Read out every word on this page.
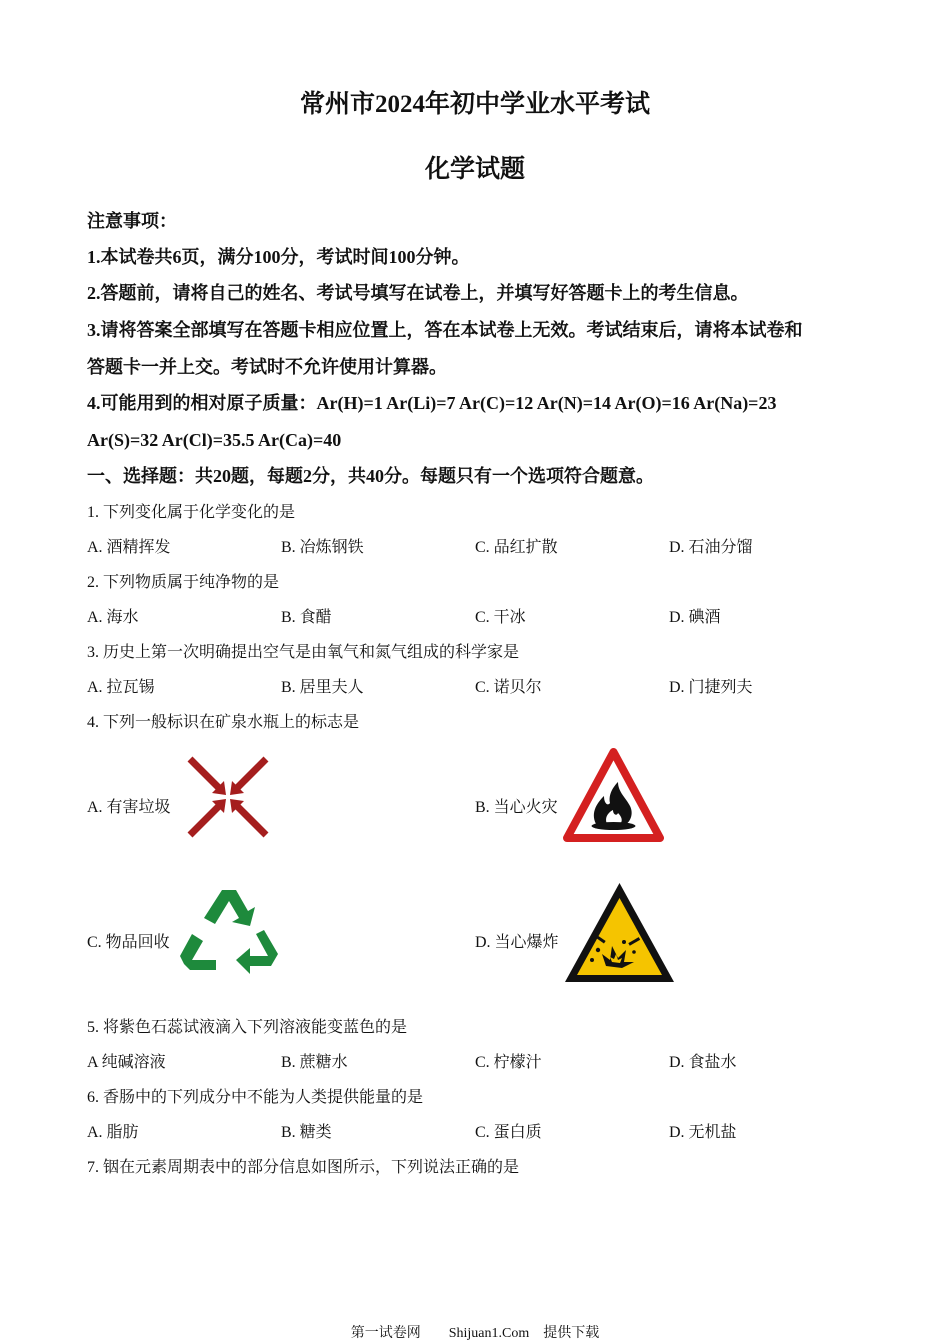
常州市2024年初中学业水平考试
化学试题
注意事项：
1.本试卷共6页，满分100分，考试时间100分钟。
2.答题前，请将自己的姓名、考试号填写在试卷上，并填写好答题卡上的考生信息。
3.请将答案全部填写在答题卡相应位置上，答在本试卷上无效。考试结束后，请将本试卷和
答题卡一并上交。考试时不允许使用计算器。
4.可能用到的相对原子质量：Ar(H)=1 Ar(Li)=7 Ar(C)=12 Ar(N)=14 Ar(O)=16 Ar(Na)=23
Ar(S)=32 Ar(Cl)=35.5 Ar(Ca)=40
一、选择题：共20题，每题2分，共40分。每题只有一个选项符合题意。
1. 下列变化属于化学变化的是
A. 酒精挥发	B. 冶炼钢铁	C. 品红扩散	D. 石油分馏
2. 下列物质属于纯净物的是
A. 海水	B. 食醋	C. 干冰	D. 碘酒
3. 历史上第一次明确提出空气是由氧气和氮气组成的科学家是
A. 拉瓦锡	B. 居里夫人	C. 诺贝尔	D. 门捷列夫
4. 下列一般标识在矿泉水瓶上的标志是
A. 有害垃圾	B. 当心火灾
C. 物品回收	D. 当心爆炸
5. 将紫色石蕊试液滴入下列溶液能变蓝色的是
A 纯碱溶液	B. 蔗糖水	C. 柠檬汁	D. 食盐水
6. 香肠中的下列成分中不能为人类提供能量的是
A. 脂肪	B. 糖类	C. 蛋白质	D. 无机盐
7. 铟在元素周期表中的部分信息如图所示，下列说法正确的是
第一试卷网　　Shijuan1.Com　提供下载
